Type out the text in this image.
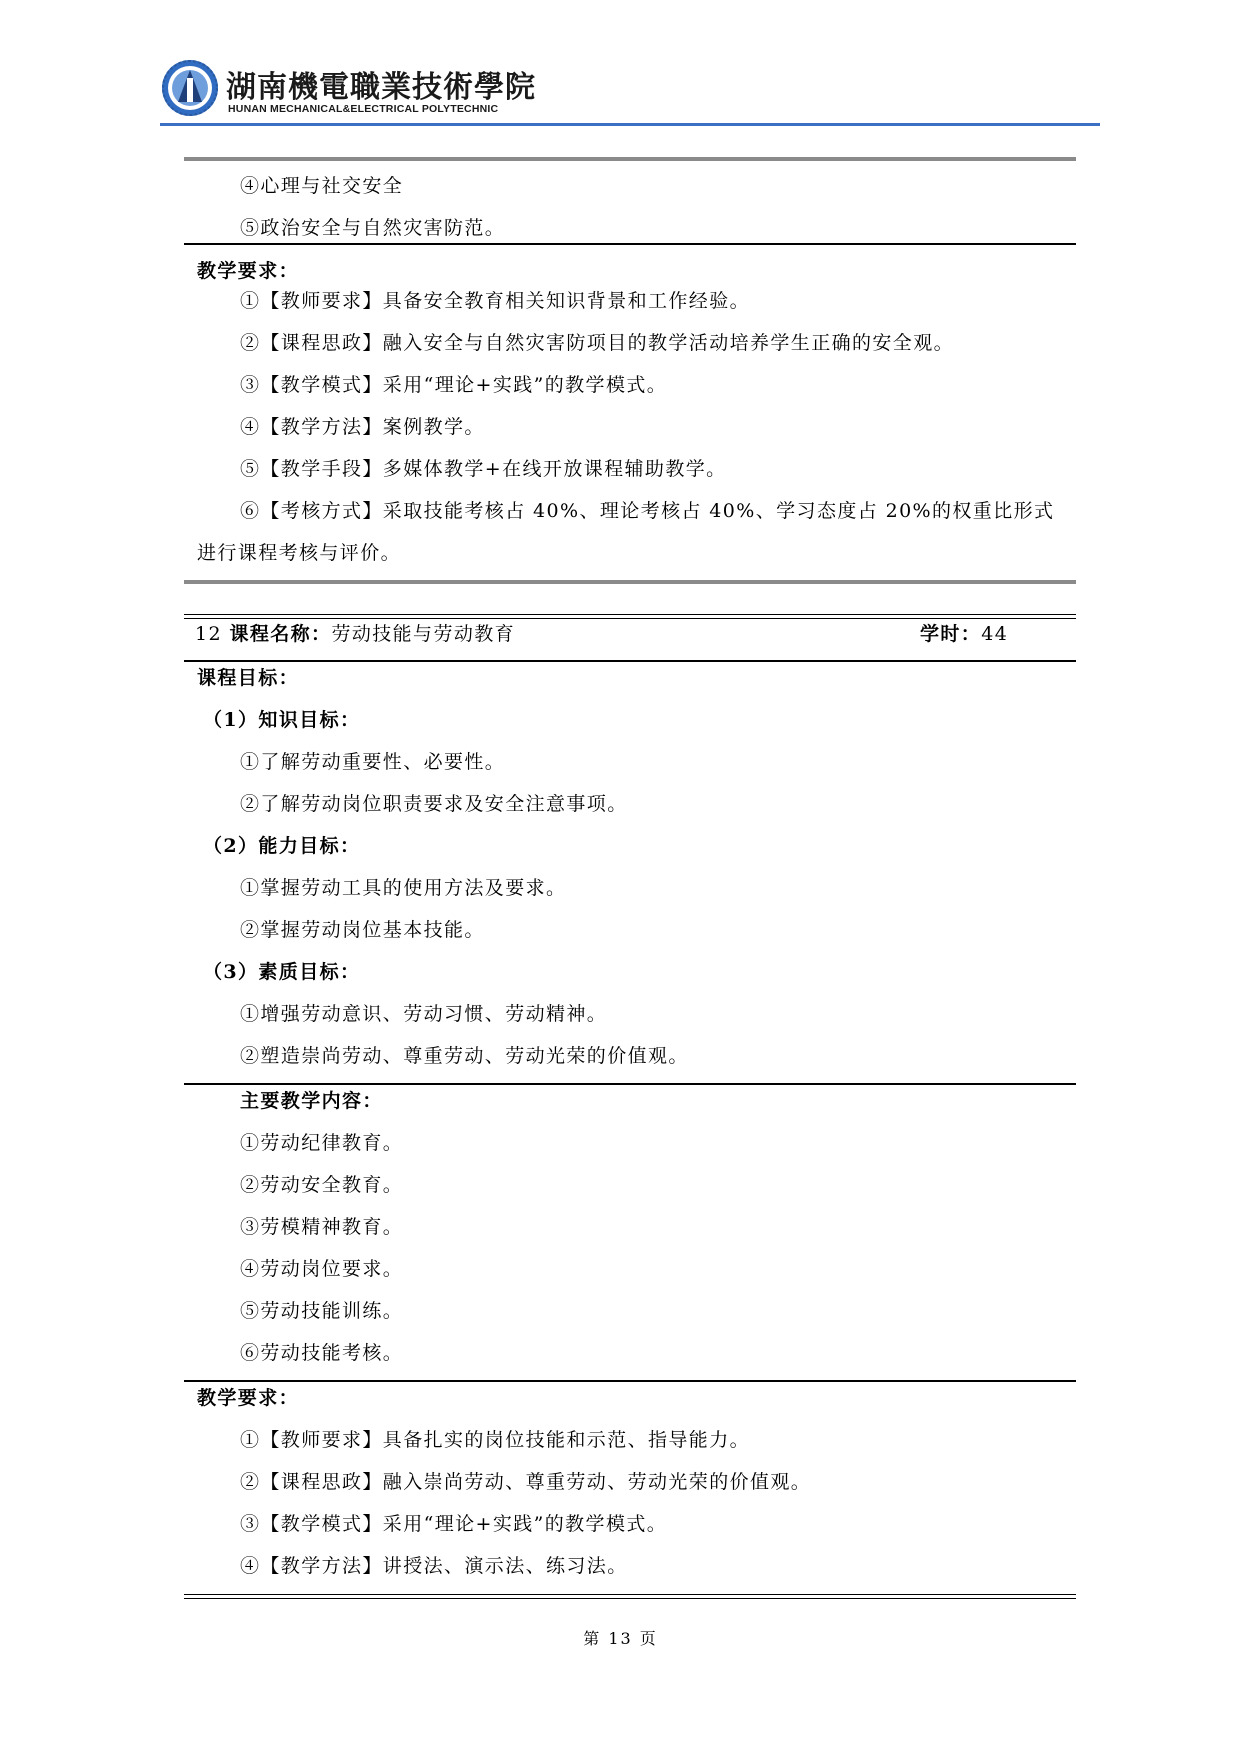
湖南機電職業技術學院
HUNAN MECHANICAL&ELECTRICAL POLYTECHNIC
④心理与社交安全
⑤政治安全与自然灾害防范。
教学要求：
①【教师要求】具备安全教育相关知识背景和工作经验。
②【课程思政】融入安全与自然灾害防项目的教学活动培养学生正确的安全观。
③【教学模式】采用“理论+实践”的教学模式。
④【教学方法】案例教学。
⑤【教学手段】多媒体教学+在线开放课程辅助教学。
⑥【考核方式】采取技能考核占 40%、理论考核占 40%、学习态度占 20%的权重比形式
进行课程考核与评价。
12 课程名称：劳动技能与劳动教育	学时：44
课程目标：
（1）知识目标：
①了解劳动重要性、必要性。
②了解劳动岗位职责要求及安全注意事项。
（2）能力目标：
①掌握劳动工具的使用方法及要求。
②掌握劳动岗位基本技能。
（3）素质目标：
①增强劳动意识、劳动习惯、劳动精神。
②塑造崇尚劳动、尊重劳动、劳动光荣的价值观。
主要教学内容：
①劳动纪律教育。
②劳动安全教育。
③劳模精神教育。
④劳动岗位要求。
⑤劳动技能训练。
⑥劳动技能考核。
教学要求：
①【教师要求】具备扎实的岗位技能和示范、指导能力。
②【课程思政】融入崇尚劳动、尊重劳动、劳动光荣的价值观。
③【教学模式】采用“理论+实践”的教学模式。
④【教学方法】讲授法、演示法、练习法。
第 13 页
